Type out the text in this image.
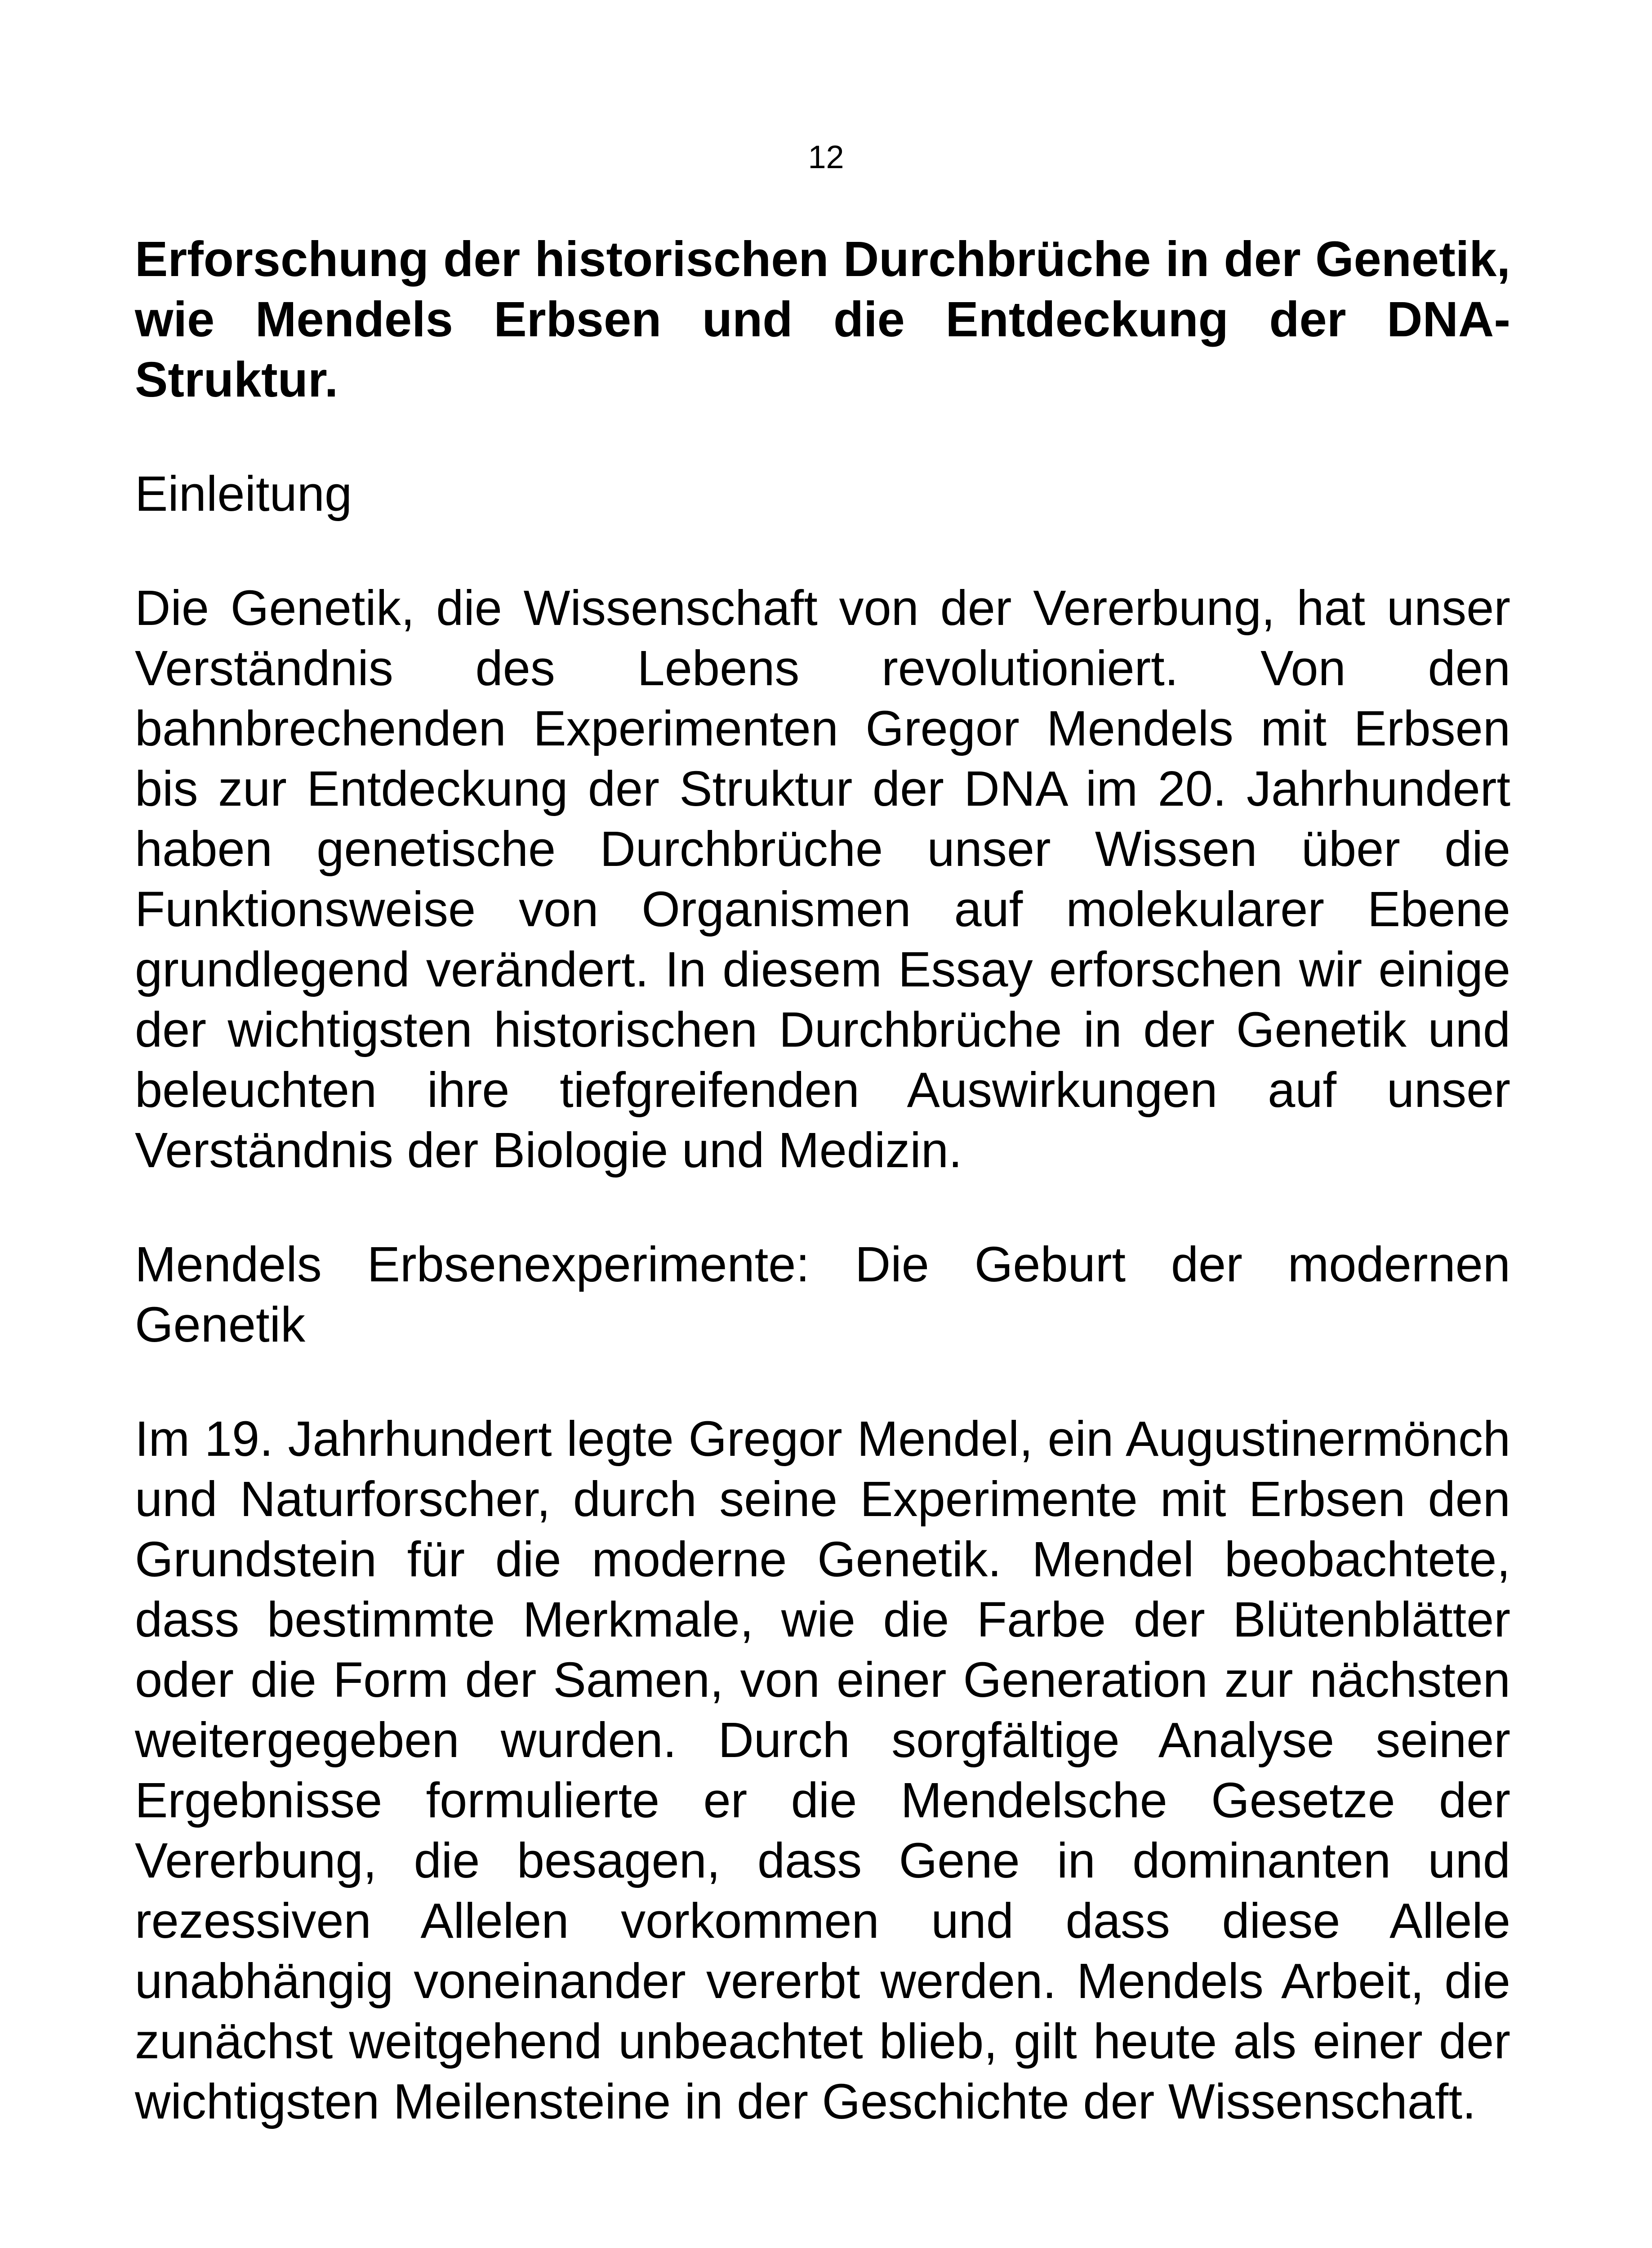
12
Erforschung der historischen Durchbrüche in der Genetik, wie Mendels Erbsen und die Entdeckung der DNA-Struktur.
Einleitung

Die Genetik, die Wissenschaft von der Vererbung, hat unser Verständnis des Lebens revolutioniert. Von den bahnbrechenden Experimenten Gregor Mendels mit Erbsen bis zur Entdeckung der Struktur der DNA im 20. Jahrhundert haben genetische Durchbrüche unser Wissen über die Funktionsweise von Organismen auf molekularer Ebene grundlegend verändert. In diesem Essay erforschen wir einige der wichtigsten historischen Durchbrüche in der Genetik und beleuchten ihre tiefgreifenden Auswirkungen auf unser Verständnis der Biologie und Medizin.

Mendels Erbsenexperimente: Die Geburt der modernen Genetik

Im 19. Jahrhundert legte Gregor Mendel, ein Augustinermönch und Naturforscher, durch seine Experimente mit Erbsen den Grundstein für die moderne Genetik. Mendel beobachtete, dass bestimmte Merkmale, wie die Farbe der Blütenblätter oder die Form der Samen, von einer Generation zur nächsten weitergegeben wurden. Durch sorgfältige Analyse seiner Ergebnisse formulierte er die Mendelsche Gesetze der Vererbung, die besagen, dass Gene in dominanten und rezessiven Allelen vorkommen und dass diese Allele unabhängig voneinander vererbt werden. Mendels Arbeit, die zunächst weitgehend unbeachtet blieb, gilt heute als einer der wichtigsten Meilensteine in der Geschichte der Wissenschaft.
